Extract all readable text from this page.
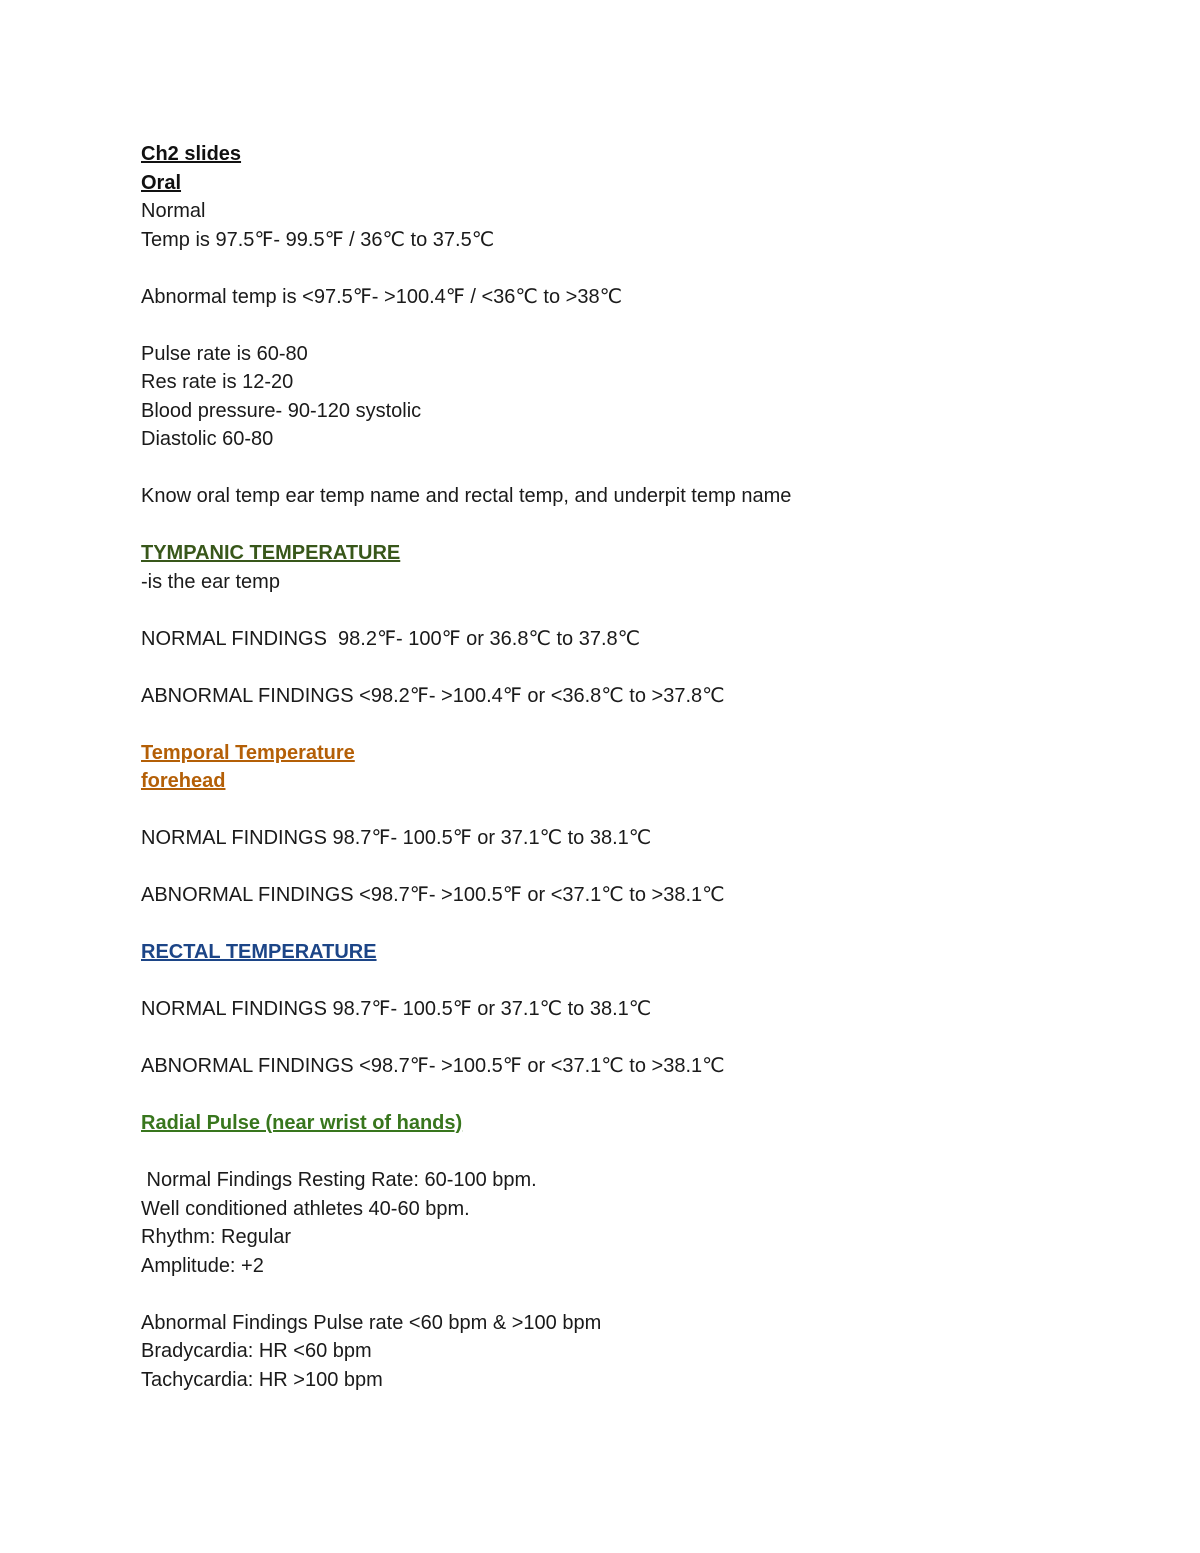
Ch2 slides
Oral
Normal
Temp is 97.5℉- 99.5℉ / 36℃ to 37.5℃
Abnormal temp is <97.5℉- >100.4℉ / <36℃ to >38℃
Pulse rate is 60-80
Res rate is 12-20
Blood pressure- 90-120 systolic
Diastolic 60-80
Know oral temp ear temp name and rectal temp, and underpit temp name
TYMPANIC TEMPERATURE
-is the ear temp
NORMAL FINDINGS  98.2℉- 100℉ or 36.8℃ to 37.8℃
ABNORMAL FINDINGS <98.2℉- >100.4℉ or <36.8℃ to >37.8℃
Temporal Temperature
forehead
NORMAL FINDINGS 98.7℉- 100.5℉ or 37.1℃ to 38.1℃
ABNORMAL FINDINGS <98.7℉- >100.5℉ or <37.1℃ to >38.1℃
RECTAL TEMPERATURE
NORMAL FINDINGS 98.7℉- 100.5℉ or 37.1℃ to 38.1℃
ABNORMAL FINDINGS <98.7℉- >100.5℉ or <37.1℃ to >38.1℃
Radial Pulse (near wrist of hands)
Normal Findings Resting Rate: 60-100 bpm.
Well conditioned athletes 40-60 bpm.
Rhythm: Regular
Amplitude: +2
Abnormal Findings Pulse rate <60 bpm & >100 bpm
Bradycardia: HR <60 bpm
Tachycardia: HR >100 bpm
